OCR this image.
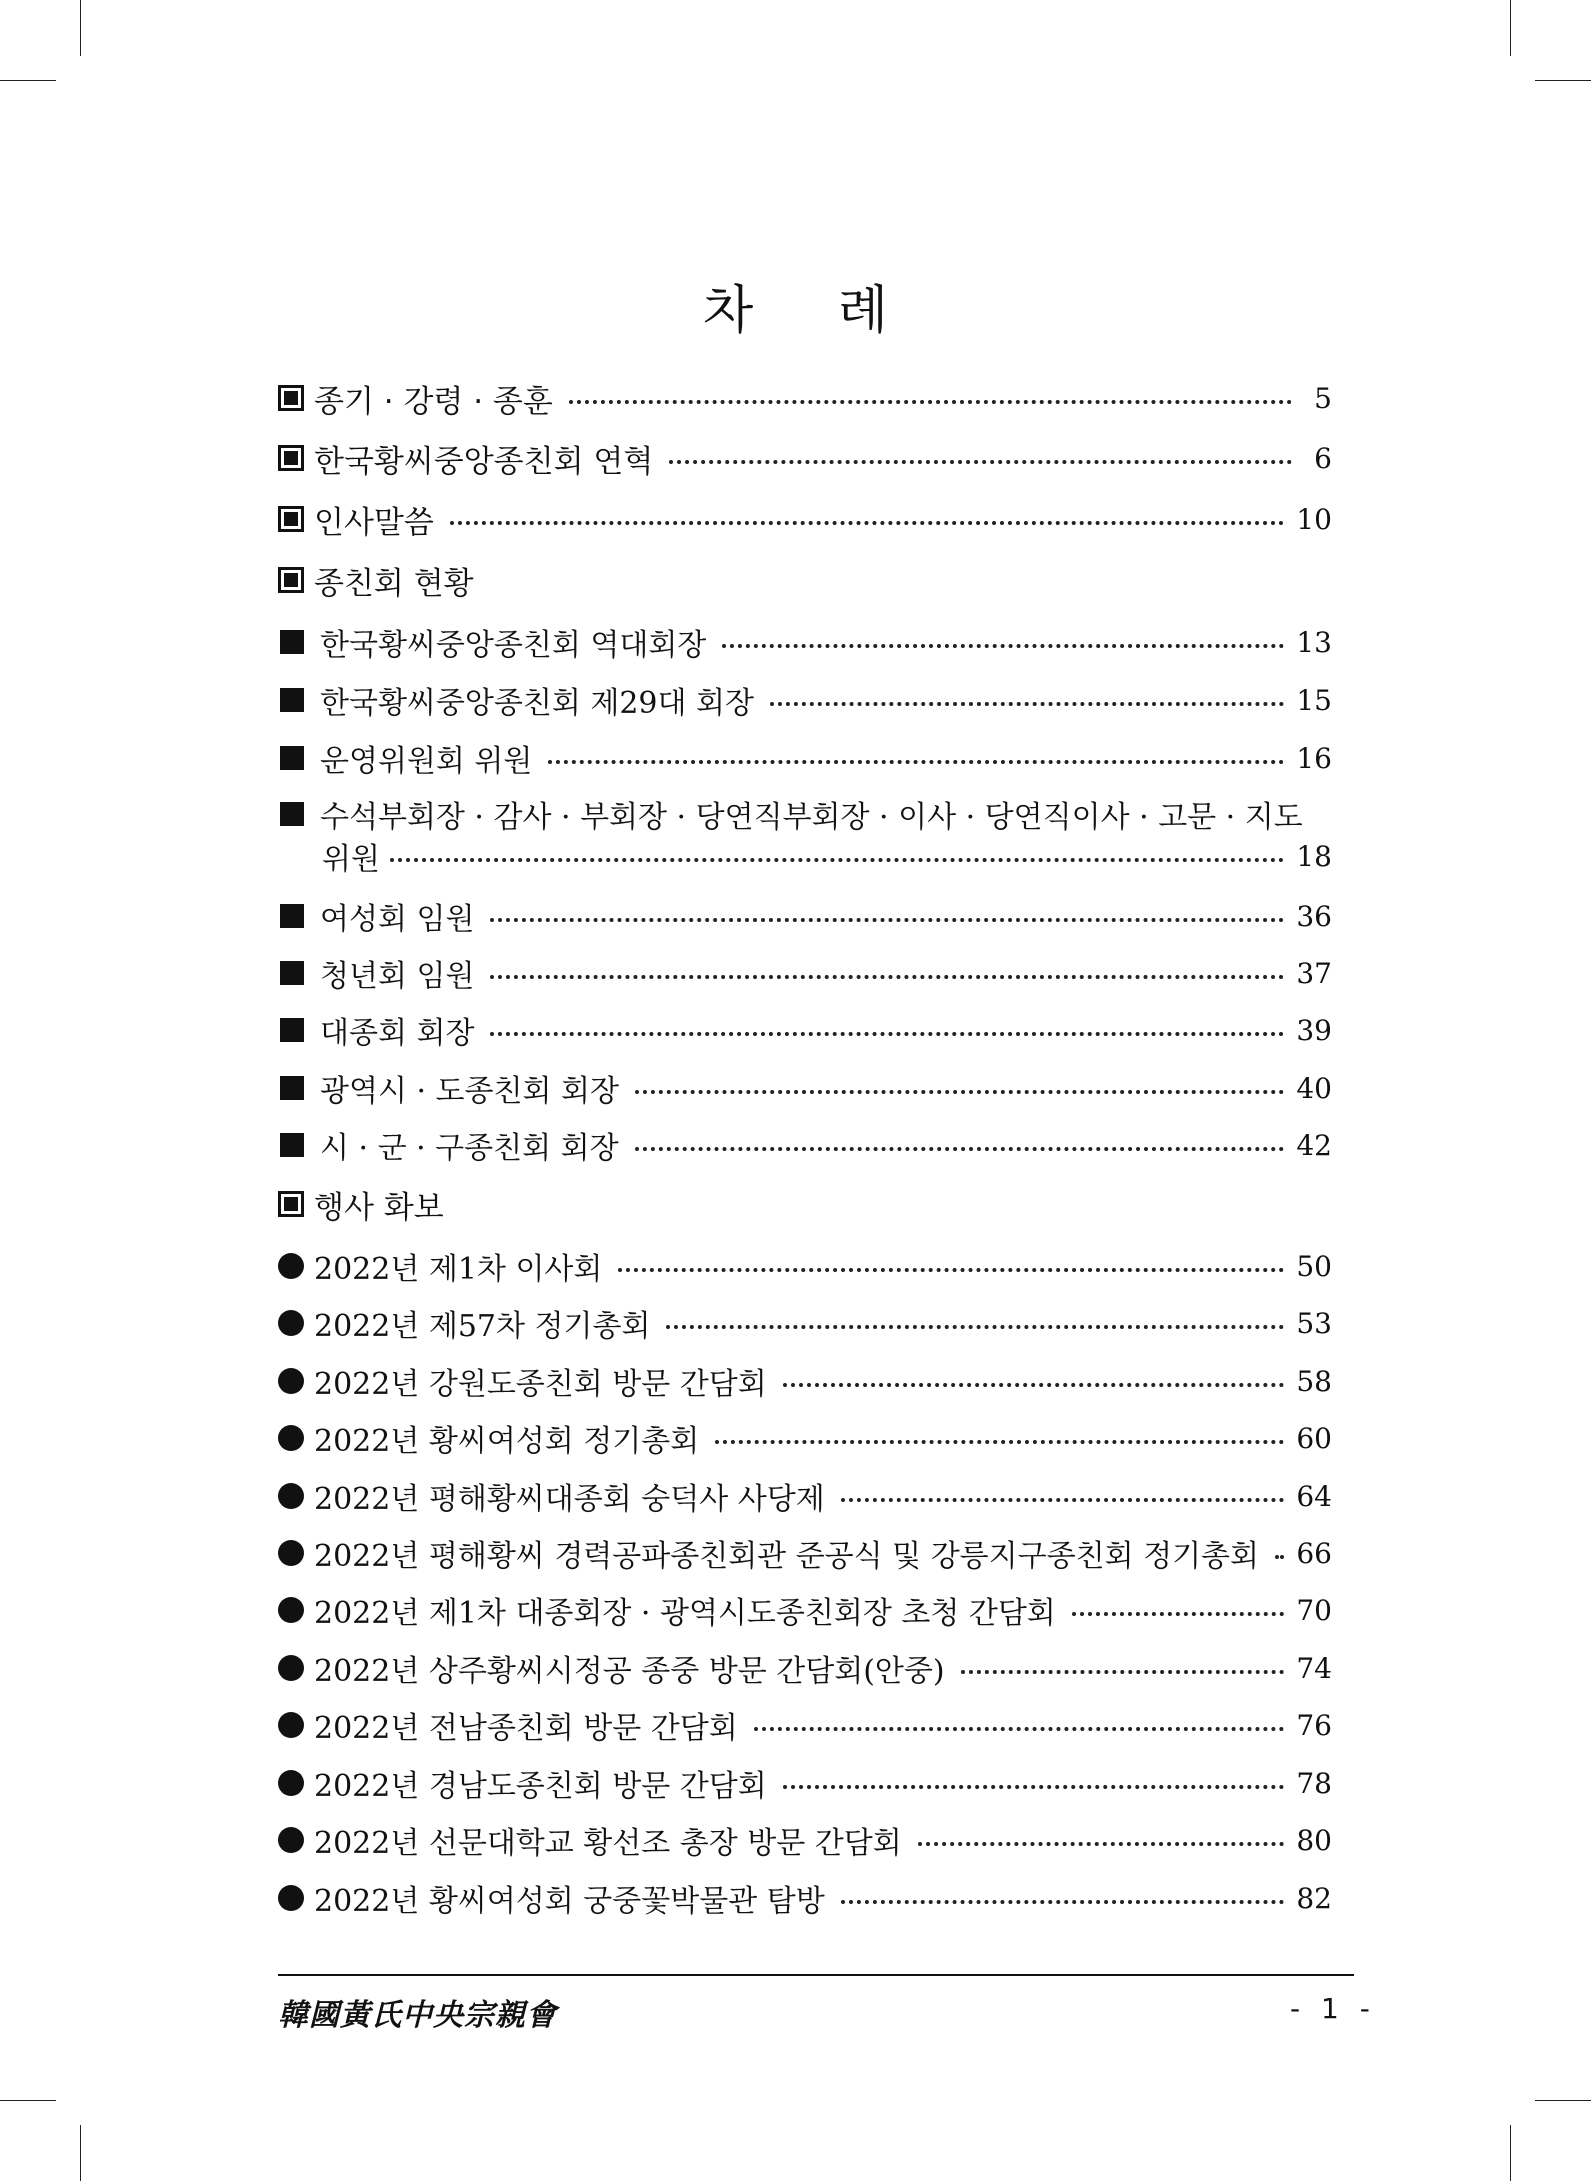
차 례
종기 · 강령 · 종훈	5
한국황씨중앙종친회 연혁	6
인사말씀	10
종친회 현황
한국황씨중앙종친회 역대회장	13
한국황씨중앙종친회 제29대 회장	15
운영위원회 위원	16
수석부회장 · 감사 · 부회장 · 당연직부회장 · 이사 · 당연직이사 · 고문 · 지도
위원	18
여성회 임원	36
청년회 임원	37
대종회 회장	39
광역시 · 도종친회 회장	40
시 · 군 · 구종친회 회장	42
행사 화보
2022년 제1차 이사회	50
2022년 제57차 정기총회	53
2022년 강원도종친회 방문 간담회	58
2022년 황씨여성회 정기총회	60
2022년 평해황씨대종회 숭덕사 사당제	64
2022년 평해황씨 경력공파종친회관 준공식 및 강릉지구종친회 정기총회 66
2022년 제1차 대종회장 · 광역시도종친회장 초청 간담회	70
2022년 상주황씨시정공 종중 방문 간담회(안중)	74
2022년 전남종친회 방문 간담회	76
2022년 경남도종친회 방문 간담회	78
2022년 선문대학교 황선조 총장 방문 간담회	80
2022년 황씨여성회 궁중꽃박물관 탐방	82
韓國黃氏中央宗親會	- 1 -
